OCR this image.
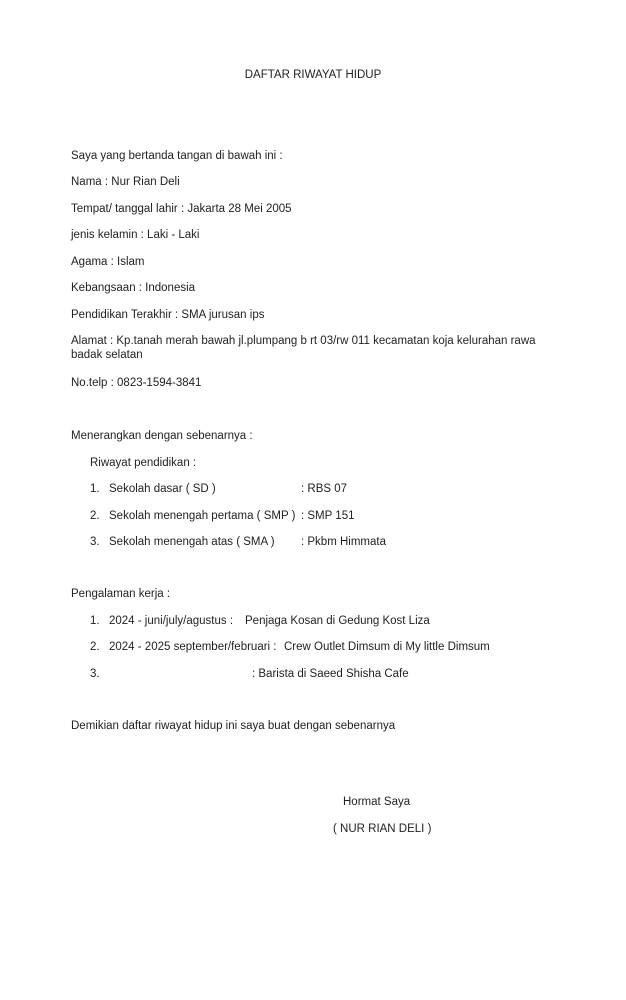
DAFTAR RIWAYAT HIDUP
Saya yang bertanda tangan di bawah ini :
Nama : Nur Rian Deli
Tempat/ tanggal lahir : Jakarta 28 Mei 2005
jenis kelamin : Laki - Laki
Agama : Islam
Kebangsaan : Indonesia
Pendidikan Terakhir : SMA jurusan ips
Alamat : Kp.tanah merah bawah jl.plumpang b rt 03/rw 011 kecamatan koja kelurahan rawa badak selatan
No.telp : 0823-1594-3841
Menerangkan dengan sebenarnya :
Riwayat pendidikan :
1. Sekolah dasar ( SD )	: RBS 07
2. Sekolah menengah pertama ( SMP ) : SMP 151
3. Sekolah menengah atas ( SMA ) : Pkbm Himmata
Pengalaman kerja :
1. 2024 - juni/july/agustus : Penjaga Kosan di Gedung Kost Liza
2. 2024 - 2025 september/februari : Crew Outlet Dimsum di My little Dimsum
3.	: Barista di Saeed Shisha Cafe
Demikian daftar riwayat hidup ini saya buat dengan sebenarnya
Hormat Saya
( NUR RIAN DELI )
